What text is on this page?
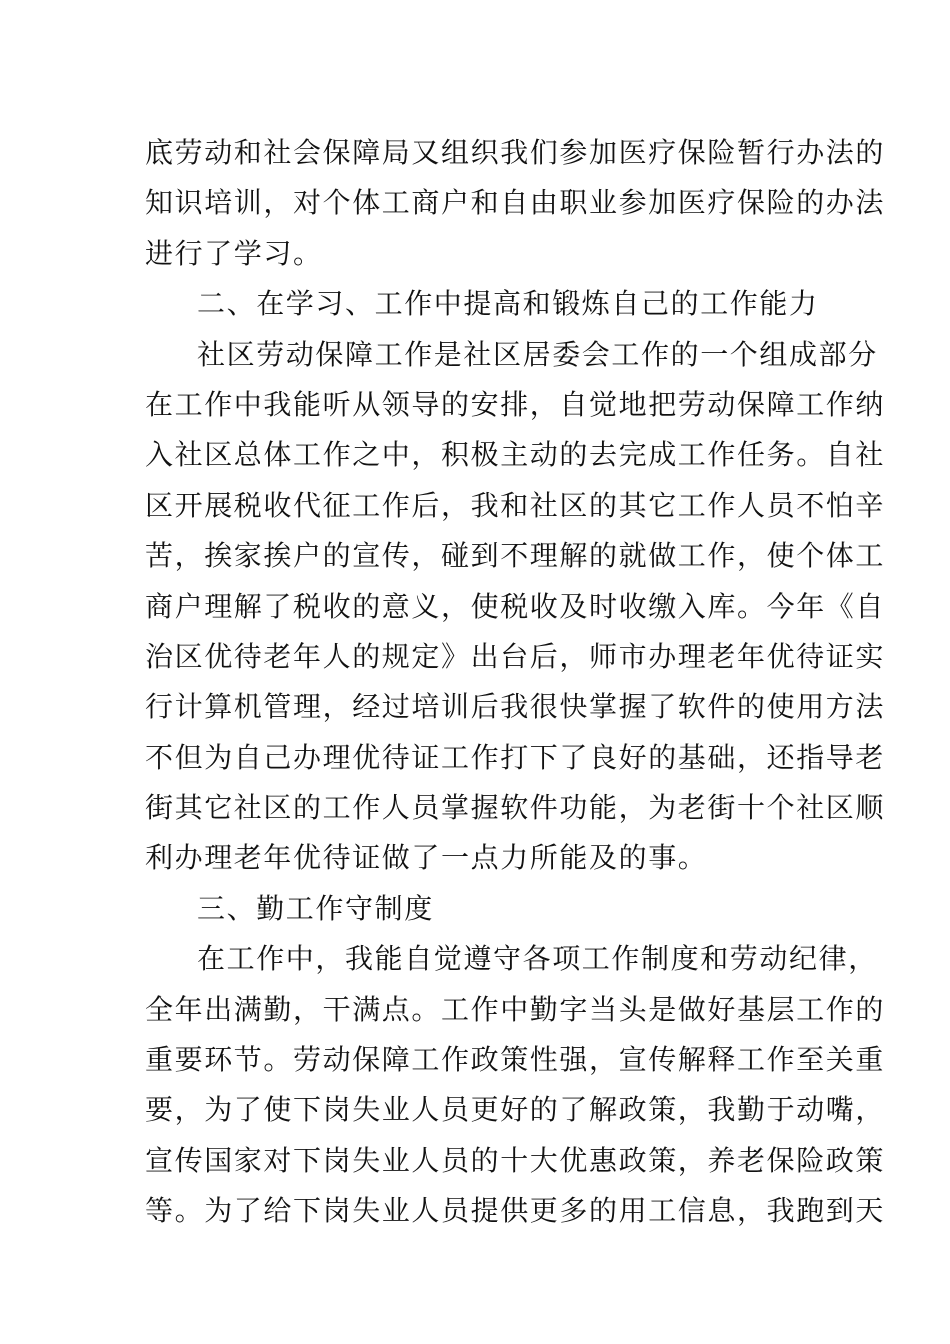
底劳动和社会保障局又组织我们参加医疗保险暂行办法的
知识培训，对个体工商户和自由职业参加医疗保险的办法
进行了学习。
二、在学习、工作中提高和锻炼自己的工作能力
社区劳动保障工作是社区居委会工作的一个组成部分
在工作中我能听从领导的安排，自觉地把劳动保障工作纳
入社区总体工作之中，积极主动的去完成工作任务。自社
区开展税收代征工作后，我和社区的其它工作人员不怕辛
苦，挨家挨户的宣传，碰到不理解的就做工作，使个体工
商户理解了税收的意义，使税收及时收缴入库。今年《自
治区优待老年人的规定》出台后，师市办理老年优待证实
行计算机管理，经过培训后我很快掌握了软件的使用方法
不但为自己办理优待证工作打下了良好的基础，还指导老
街其它社区的工作人员掌握软件功能，为老街十个社区顺
利办理老年优待证做了一点力所能及的事。
三、勤工作守制度
在工作中，我能自觉遵守各项工作制度和劳动纪律，
全年出满勤，干满点。工作中勤字当头是做好基层工作的
重要环节。劳动保障工作政策性强，宣传解释工作至关重
要，为了使下岗失业人员更好的了解政策，我勤于动嘴，
宣传国家对下岗失业人员的十大优惠政策，养老保险政策
等。为了给下岗失业人员提供更多的用工信息，我跑到天
